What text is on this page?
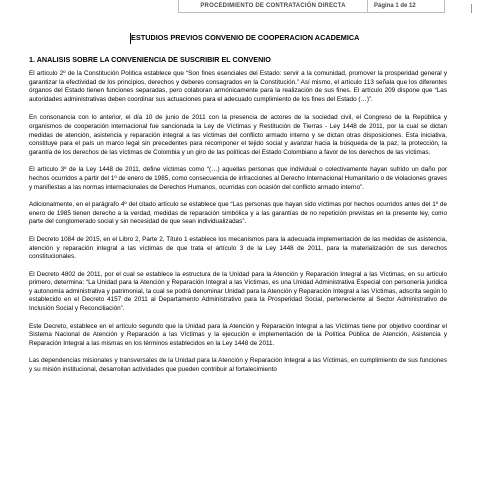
PROCEDIMIENTO DE CONTRATACIÓN DIRECTA	Página 1 de 12
ESTUDIOS PREVIOS CONVENIO DE COOPERACION ACADEMICA
1. ANALISIS SOBRE LA CONVENIENCIA DE SUSCRIBIR EL CONVENIO

El artículo 2º de la Constitución Política establece que “Son fines esenciales del Estado: servir a la comunidad, promover la prosperidad general y garantizar la efectividad de los principios, derechos y deberes consagrados en la Constitución.” Así mismo, el artículo 113 señala que los diferentes órganos del Estado tienen funciones separadas, pero colaboran armónicamente para la realización de sus fines. El artículo 209 dispone que “Las autoridades administrativas deben coordinar sus actuaciones para el adecuado cumplimiento de los fines del Estado (…)”.

En consonancia con lo anterior, el día 10 de junio de 2011 con la presencia de actores de la sociedad civil, el Congreso de la República y organismos de cooperación internacional fue sancionada la Ley de Víctimas y Restitución de Tierras - Ley 1448 de 2011, por la cual se dictan medidas de atención, asistencia y reparación integral a las víctimas del conflicto armado interno y se dictan otras disposiciones. Esta iniciativa, constituye para el país un marco legal sin precedentes para recomponer el tejido social y avanzar hacia la búsqueda de la paz, la protección, la garantía de los derechos de las víctimas de Colombia y un giro de las políticas del Estado Colombiano a favor de los derechos de las víctimas.

El artículo 3º de la Ley 1448 de 2011, define víctimas como “(…) aquellas personas que individual o colectivamente hayan sufrido un daño por hechos ocurridos a partir del 1º de enero de 1985, como consecuencia de infracciones al Derecho Internacional Humanitario o de violaciones graves y manifiestas a las normas internacionales de Derechos Humanos, ocurridas con ocasión del conflicto armado interno”.

Adicionalmente, en el parágrafo 4º del citado artículo se establece que “Las personas que hayan sido víctimas por hechos ocurridos antes del 1º de enero de 1985 tienen derecho a la verdad, medidas de reparación simbólica y a las garantías de no repetición previstas en la presente ley, como parte del conglomerado social y sin necesidad de que sean individualizadas”.

El Decreto 1084 de 2015, en el Libro 2, Parte 2, Título 1 establece los mecanismos para la adecuada implementación de las medidas de asistencia, atención y reparación integral a las víctimas de que trata el artículo 3 de la Ley 1448 de 2011, para la materialización de sus derechos constitucionales.

El Decreto 4802 de 2011, por el cual se establece la estructura de la Unidad para la Atención y Reparación Integral a las Víctimas, en su artículo primero, determina: “La Unidad para la Atención y Reparación Integral a las Víctimas, es una Unidad Administrativa Especial con personería jurídica y autonomía administrativa y patrimonial, la cual se podrá denominar Unidad para la Atención y Reparación Integral a las Víctimas, adscrita según lo establecido en el Decreto 4157 de 2011 al Departamento Administrativo para la Prosperidad Social, perteneciente al Sector Administrativo de Inclusión Social y Reconciliación”.

Este Decreto, establece en el artículo segundo que la Unidad para la Atención y Reparación Integral a las Víctimas tiene por objetivo coordinar el Sistema Nacional de Atención y Reparación a las Víctimas y la ejecución e implementación de la Política Pública de Atención, Asistencia y Reparación Integral a las mismas en los términos establecidos en la Ley 1448 de 2011.

Las dependencias misionales y transversales de la Unidad para la Atención y Reparación Integral a las Víctimas, en cumplimiento de sus funciones y su misión institucional, desarrollan actividades que pueden contribuir al fortalecimiento
